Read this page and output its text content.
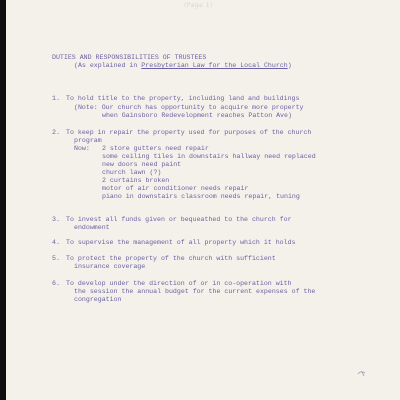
(Page 1)
DUTIES AND RESPONSIBILITIES OF TRUSTEES
(As explained in Presbyterian Law for the Local Church)
1. To hold title to the property, including land and buildings
(Note: Our church has opportunity to acquire more property
when Gainsboro Redevelopment reaches Patton Ave)
2. To keep in repair the property used for purposes of the church
program
Now: 2 store gutters need repair
some ceiling tiles in downstairs hallway need replaced
new doors need paint
church lawn (?)
2 curtains broken
motor of air conditioner needs repair
piano in downstairs classroom needs repair, tuning
3. To invest all funds given or bequeathed to the church for
endowment
4. To supervise the management of all property which it holds
5. To protect the property of the church with sufficient
insurance coverage
6. To develop under the direction of or in co-operation with
the session the annual budget for the current expenses of the
congregation
